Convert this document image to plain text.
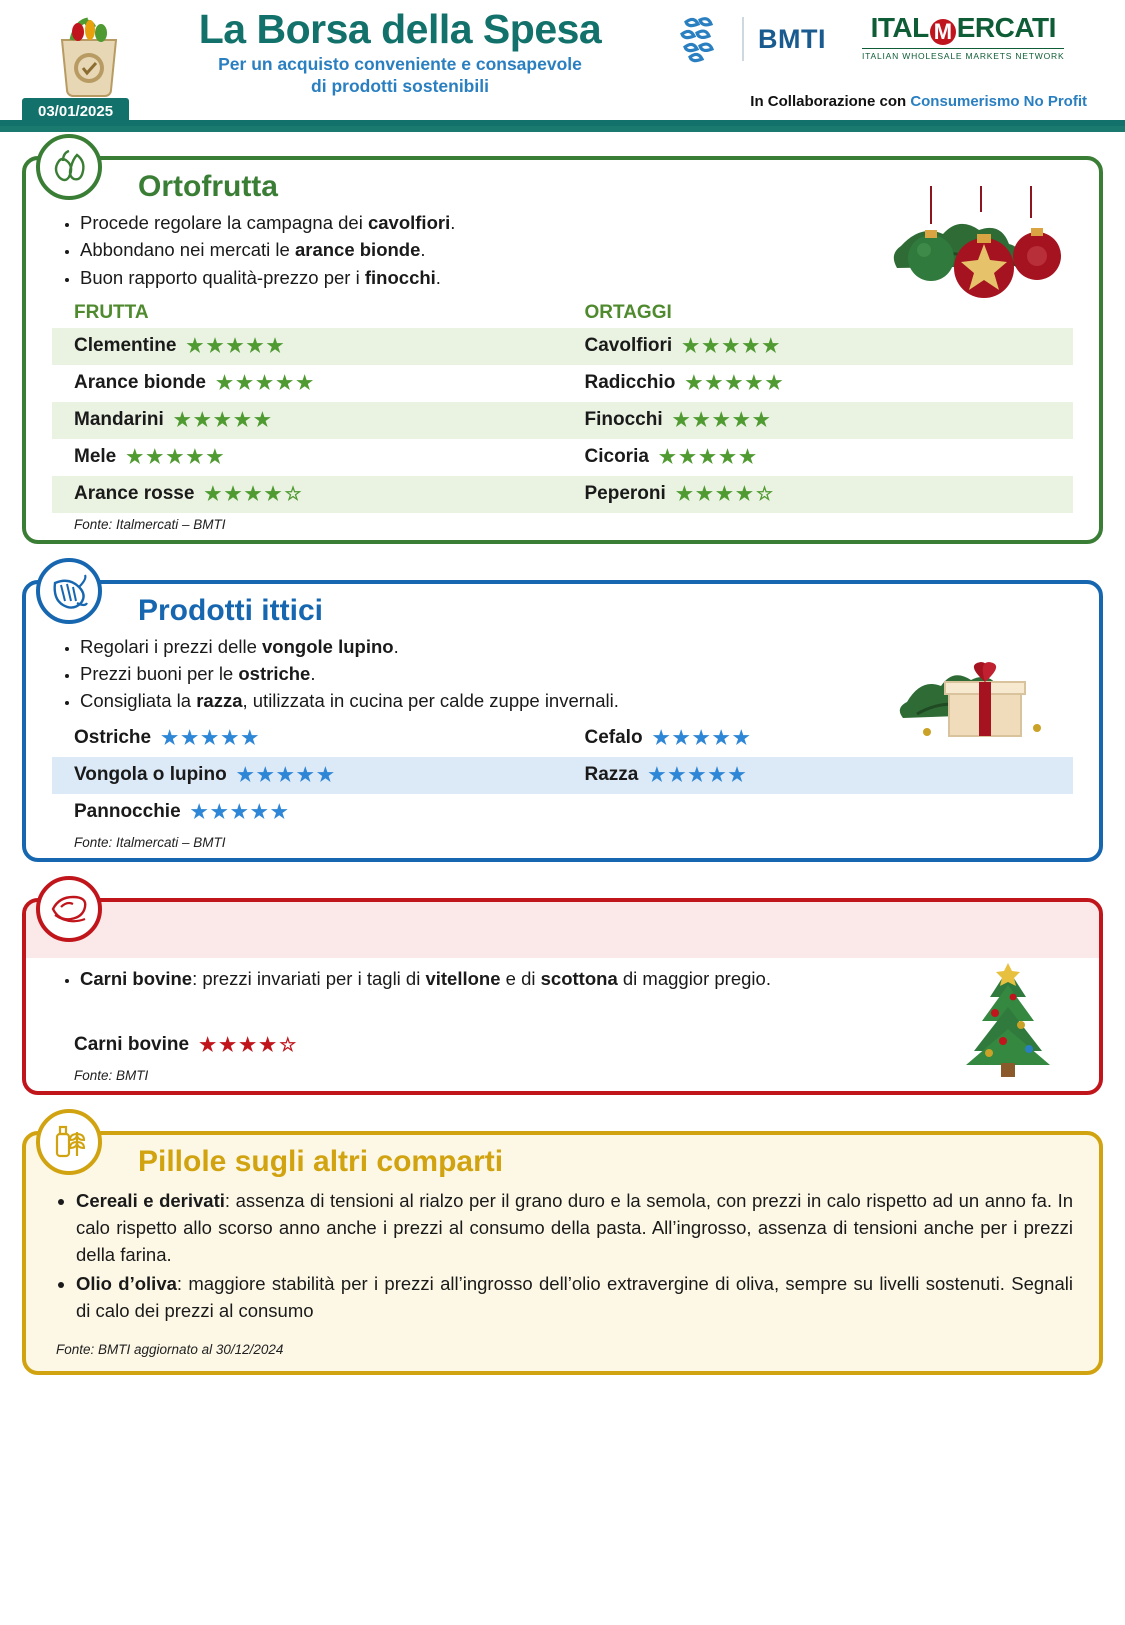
La Borsa della Spesa
Per un acquisto conveniente e consapevole
di prodotti sostenibili
BMTI	ITAL M ERCATI
ITALIAN WHOLESALE MARKETS NETWORK
In Collaborazione con Consumerismo No Profit
03/01/2025
Ortofrutta
• Procede regolare la campagna dei cavolfiori.
• Abbondano nei mercati le arance bionde.
• Buon rapporto qualità-prezzo per i finocchi.
FRUTTA
Clementine ★★★★★
Arance bionde ★★★★★
Mandarini ★★★★★
Mele ★★★★★
Arance rosse ★★★★☆
ORTAGGI
Cavolfiori ★★★★★
Radicchio ★★★★★
Finocchi ★★★★★
Cicoria ★★★★★
Peperoni ★★★★☆
Fonte: Italmercati – BMTI
Prodotti ittici
• Regolari i prezzi delle vongole lupino.
• Prezzi buoni per le ostriche.
• Consigliata la razza, utilizzata in cucina per calde zuppe invernali.
Ostriche ★★★★★
Vongola o lupino ★★★★★
Pannocchie ★★★★★
Cefalo ★★★★★
Razza ★★★★★
Fonte: Italmercati – BMTI
• Carni bovine: prezzi invariati per i tagli di vitellone e di scottona di maggior pregio.
Carni bovine ★★★★☆
Fonte: BMTI
Pillole sugli altri comparti
• Cereali e derivati: assenza di tensioni al rialzo per il grano duro e la semola, con prezzi in calo rispetto ad un anno fa. In calo rispetto allo scorso anno anche i prezzi al consumo della pasta. All’ingrosso, assenza di tensioni anche per i prezzi della farina.
• Olio d’oliva: maggiore stabilità per i prezzi all’ingrosso dell’olio extravergine di oliva, sempre su livelli sostenuti. Segnali di calo dei prezzi al consumo
Fonte: BMTI aggiornato al 30/12/2024
